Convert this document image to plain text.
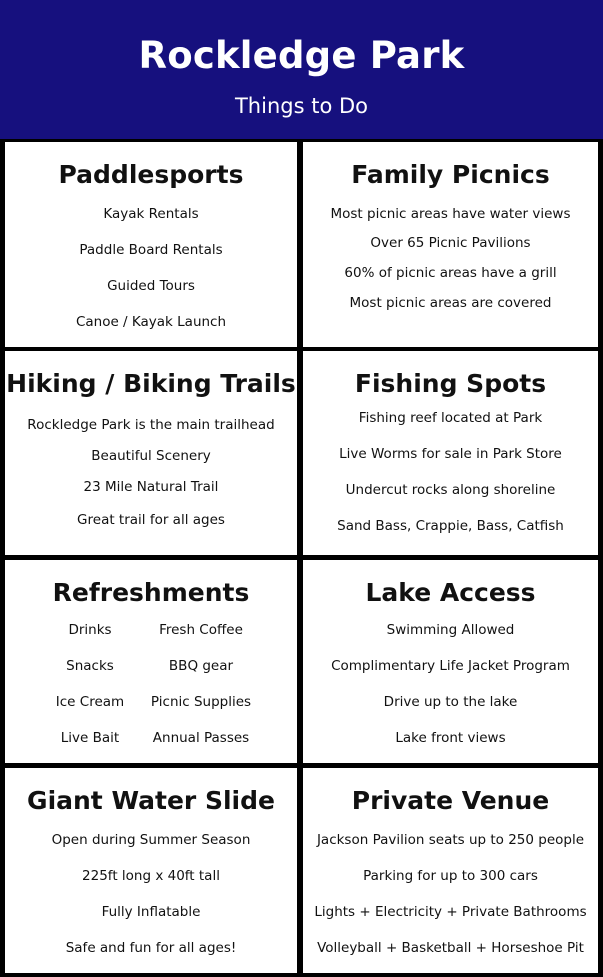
Rockledge Park
Things to Do
Paddlesports
Kayak Rentals
Paddle Board Rentals
Guided Tours
Canoe / Kayak Launch
Family Picnics
Most picnic areas have water views
Over 65 Picnic Pavilions
60% of picnic areas have a grill
Most picnic areas are covered
Hiking / Biking Trails
Rockledge Park is the main trailhead
Beautiful Scenery
23 Mile Natural Trail
Great trail for all ages
Fishing Spots
Fishing reef located at Park
Live Worms for sale in Park Store
Undercut rocks along shoreline
Sand Bass, Crappie, Bass, Catfish
Refreshments
Drinks
Snacks
Ice Cream
Live Bait
Fresh Coffee
BBQ gear
Picnic Supplies
Annual Passes
Lake Access
Swimming Allowed
Complimentary Life Jacket Program
Drive up to the lake
Lake front views
Giant Water Slide
Open during Summer Season
225ft long x 40ft tall
Fully Inflatable
Safe and fun for all ages!
Private Venue
Jackson Pavilion seats up to 250 people
Parking for up to 300 cars
Lights + Electricity + Private Bathrooms
Volleyball + Basketball + Horseshoe Pit
